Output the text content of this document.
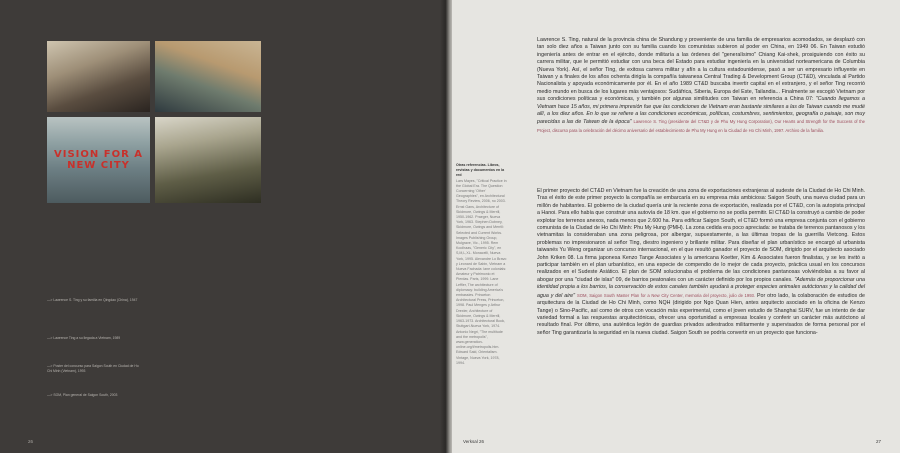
VISION FOR A NEW CITY
—> Lawrence S. Ting y su familia en Qingdao (China), 1947
—> Lawrence Ting a su llegada a Vietnam, 1989
—> Poster del concurso para Saigon South en Ciudad de Ho Chi Minh (Vietnam), 1993
—> SOM, Plan general de Saigon South, 2003
26
Otras referencias. Libros, revistas y documentos en la red
Lars Mayes, "Critical Practice in the Global Era. The Question Concerning 'Other' Geographies", en Architectural Theory Review, 2006, no 2003. Ernst Gans, Architecture of Skidmore, Owings & Merrill, 1950-1962. Praeger, Nueva York, 1963. Stephen Dobney, Skidmore, Owings and Merrill: Selected and Current Works. Images Publishing Group, Mulgrave, Vic., 1995. Rem Koolhaas, "Generic City", en S,M,L,XL. Monacelli, Nueva York, 1995. Alexandre Lo Bravo y Leonard de Sabin, Vietnam a Nueva Fachada: lane colonials: Amateur y Patrimonio et Pierdas. Paris, 1999. Lane Leffler, The architecture of diplomacy: building America's embassies. Princeton Architectural Press, Princeton, 1998. Paul Menges y Arthur Drexler, Architecture of Skidmore, Owings & Merrill, 1963-1973. Architectural Book, Stuttgart-Nueva York, 1974. Antonio Negri, "The multitude and the metropolis", www.generation-online.org/t/metropolis.htm. Edward Said, Orientalism. Vintage, Nueva York, 1978, 1994.

Lawrence S. Ting, natural de la provincia china de Shandung y proveniente de una familia de empresarios acomodados, se desplazó con tan solo diez años a Taiwan junto con su familia cuando los comunistas subieron al poder en China, en 1949 06. En Taiwan estudió ingeniería antes de entrar en el ejército, donde militaría a las órdenes del "generalísimo" Chiang Kai-shek, prosiguiendo con éxito su carrera militar, que le permitió estudiar con una beca del Estado para estudiar ingeniería en la universidad norteamericana de Columbia (Nueva York). Así, el señor Ting, de exitosa carrera militar y afín a la cultura estadounidense, pasó a ser un empresario influyente en Taiwan y a finales de los años ochenta dirigía la compañía taiwanesa Central Trading & Development Group (CT&D), vinculada al Partido Nacionalista y apoyada económicamente por él. En el año 1989 CT&D buscaba invertir capital en el extranjero, y el señor Ting recorrió medio mundo en busca de los lugares más ventajosos: Sudáfrica, Siberia, Europa del Este, Tailandia... Finalmente se escogió Vietnam por sus condiciones políticas y económicas, y también por algunas similitudes con Taiwan en referencia a China 07: "Cuando llegamos a Vietnam hace 15 años, mi primera impresión fue que las condiciones de Vietnam eran bastante similares a las de Taiwan cuando me mudé allí, a los diez años. En lo que se refiere a las condiciones económicas, políticas, costumbres, sentimientos, geografía o paisaje, son muy parecidas a las de Taiwan de la época" Lawrence S. Ting (presidente del CT&D y de Phu My Hung Corporation), Our Hearts and Strength for the Success of the Project, discurso para la celebración del décimo aniversario del establecimiento de Phu My Hung en la Ciudad de Ho Chi Minh, 1997. Archivo de la familia.

El primer proyecto del CT&D en Vietnam fue la creación de una zona de exportaciones extranjeras al sudeste de la Ciudad de Ho Chi Minh. Tras el éxito de este primer proyecto la compañía se embarcaría en su empresa más ambiciosa: Saigon South, una nueva ciudad para un millón de habitantes. El gobierno de la ciudad quería unir la reciente zona de exportación, realizada por el CT&D, con la autopista principal a Hanoi. Para ello había que construir una autovía de 18 km. que el gobierno no se podía permitir. El CT&D la construyó a cambio de poder explotar los terrenos anexos, nada menos que 2.600 ha. Para edificar Saigon South, el CT&D formó una empresa conjunta con el gobierno comunista de la Ciudad de Ho Chi Minh: Phu My Hung (PMH). La zona cedida era poco apreciada: se trataba de terrenos pantanosos y los vietnamitas la consideraban una zona peligrosa, por albergar, supuestamente, a las últimas tropas de la guerrilla Vietcong. Estos problemas no impresionaron al señor Ting, diestro ingeniero y brillante militar. Para diseñar el plan urbanístico se encargó al urbanista taiwanés Yu Weng organizar un concurso internacional, en el que resultó ganador el proyecto de SOM, dirigido por el arquitecto asociado John Kriken 08. La firma japonesa Kenzo Tange Associates y la americana Koetter, Kim & Associates fueron finalistas, y se les invitó a participar también en el plan urbanístico, en una especie de compendio de lo mejor de cada proyecto, práctica usual en los concursos realizados en el Sudeste Asiático. El plan de SOM solucionaba el problema de las condiciones pantanosas volviéndolas a su favor al abogar por una "ciudad de islas" 09, de barrios peatonales con un carácter definido por los propios canales. "Además de proporcionar una identidad propia a los barrios, la conservación de estos canales también ayudará a proteger especies animales autóctonas y la calidad del agua y del aire" SOM, Saigon South Master Plan for a New City Center, memoria del proyecto, julio de 1993. Por otro lado, la colaboración de estudios de arquitectura de la Ciudad de Ho Chi Minh, como NQH (dirigido por Ngo Quan Hien, antes arquitecto asociado en la oficina de Kenzo Tange) o Sino-Pacific, así como de otros con vocación más experimental, como el joven estudio de Shanghai SURV, fue un intento de dar variedad formal a las respuestas arquitectónicas, ofrecer una oportunidad a empresas locales y conferir un carácter más autóctono al resultado final. Por último, una auténtica legión de guardias privados adiestrados militarmente y supervisados de forma personal por el señor Ting garantizaría la seguridad en la nueva ciudad. Saigon South se podría convertir en un proyecto que funciona-

Verksal 26	27
